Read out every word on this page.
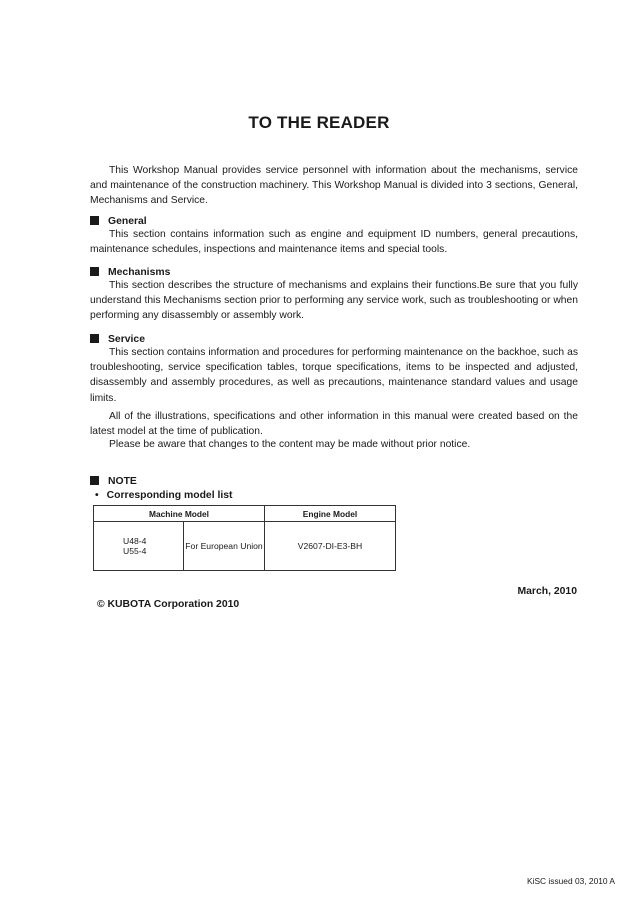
TO THE READER
This Workshop Manual provides service personnel with information about the mechanisms, service and maintenance of the construction machinery. This Workshop Manual is divided into 3 sections, General, Mechanisms and Service.
General
This section contains information such as engine and equipment ID numbers, general precautions, maintenance schedules, inspections and maintenance items and special tools.
Mechanisms
This section describes the structure of mechanisms and explains their functions.Be sure that you fully understand this Mechanisms section prior to performing any service work, such as troubleshooting or when performing any disassembly or assembly work.
Service
This section contains information and procedures for performing maintenance on the backhoe, such as troubleshooting, service specification tables, torque specifications, items to be inspected and adjusted, disassembly and assembly procedures, as well as precautions, maintenance standard values and usage limits.
All of the illustrations, specifications and other information in this manual were created based on the latest model at the time of publication.
Please be aware that changes to the content may be made without prior notice.
NOTE
• Corresponding model list
Machine Model		Engine Model

U48-4
U55-4	For European Union	V2607-DI-E3-BH
March, 2010
© KUBOTA Corporation 2010
KiSC issued 03, 2010 A
